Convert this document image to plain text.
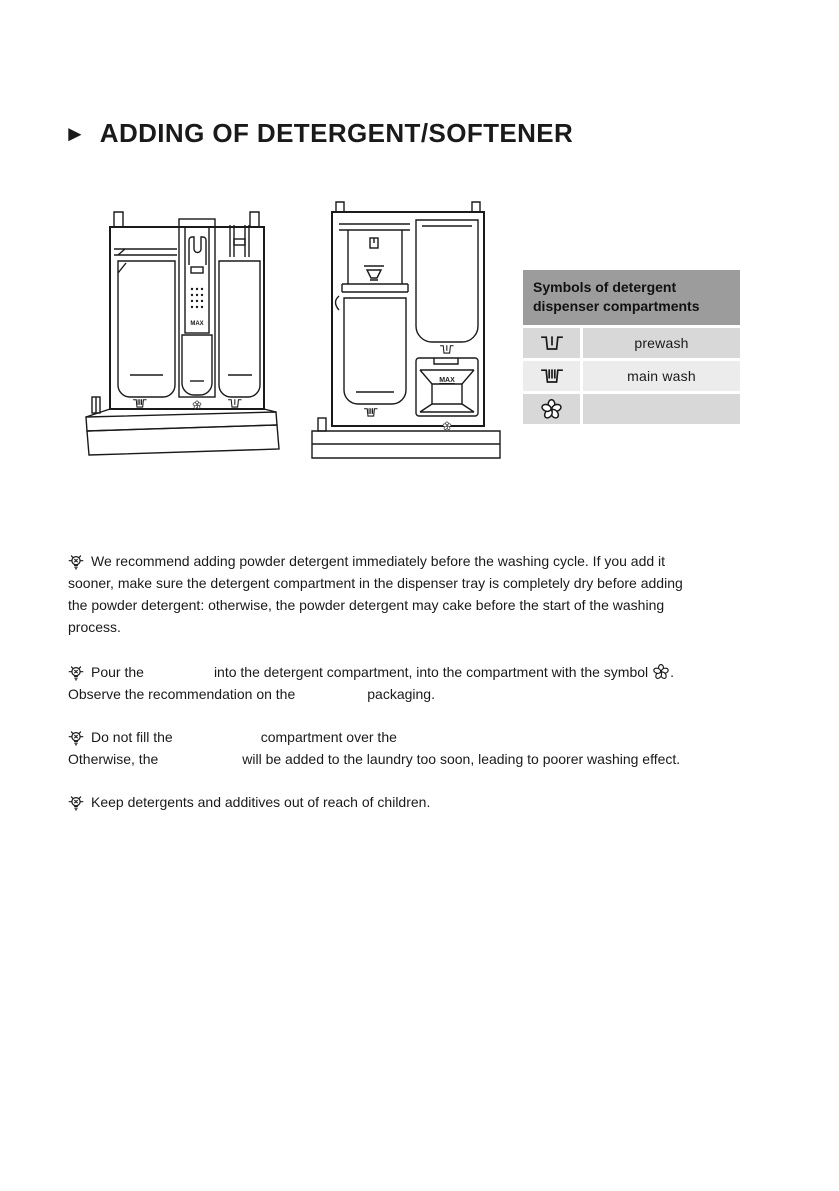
► ADDING OF DETERGENT/SOFTENER
MAX
MAX
Symbols of detergent dispenser compartments
prewash
main wash

We recommend adding powder detergent immediately before the washing cycle. If you add it
sooner, make sure the detergent compartment in the dispenser tray is completely dry before adding
the powder detergent: otherwise, the powder detergent may cake before the start of the washing
process.

Pour the	into the detergent compartment, into the compartment with the symbol .
Observe the recommendation on the	packaging.

Do not fill the	compartment over the
Otherwise, the	will be added to the laundry too soon, leading to poorer washing effect.

Keep detergents and additives out of reach of children.
